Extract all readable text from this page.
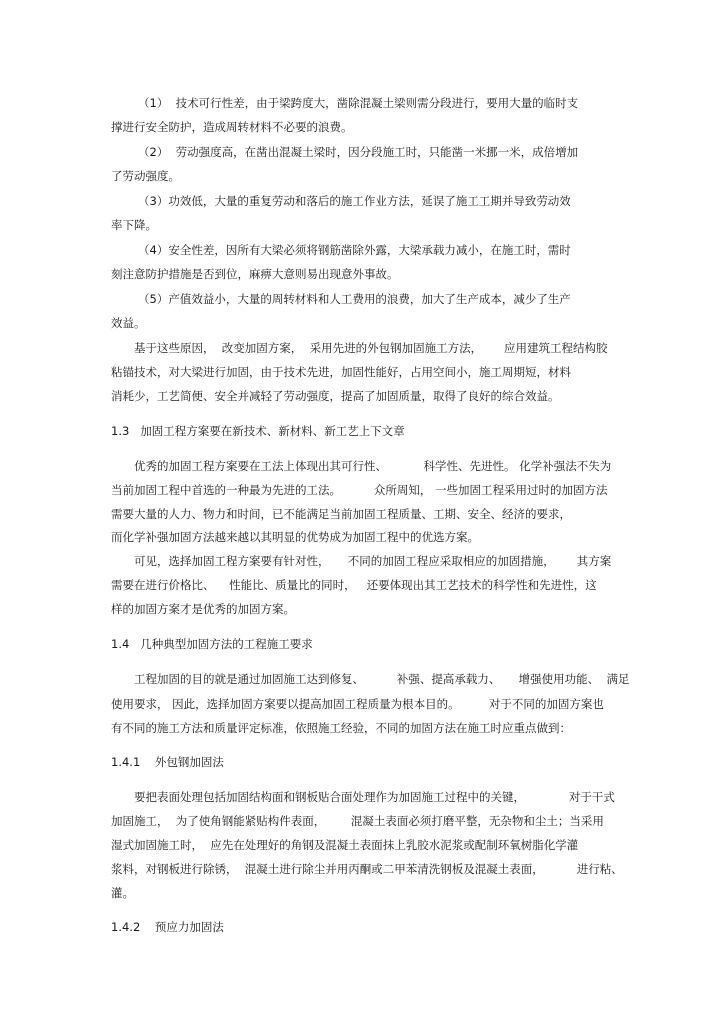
（1）  技术可行性差，由于梁跨度大，凿除混凝土梁则需分段进行，要用大量的临时支

撑进行安全防护，造成周转材料不必要的浪费。

（2）  劳动强度高，在凿出混凝土梁时，因分段施工时，只能凿一米挪一米，成倍增加

了劳动强度。

（3）功效低，大量的重复劳动和落后的施工作业方法，延误了施工工期并导致劳动效

率下降。

（4）安全性差，因所有大梁必须将钢筋凿除外露，大梁承载力减小，在施工时，需时

刻注意防护措施是否到位，麻痹大意则易出现意外事故。

（5）产值效益小，大量的周转材料和人工费用的浪费，加大了生产成本，减少了生产

效益。

基于这些原因，  改变加固方案，  采用先进的外包钢加固施工方法，      应用建筑工程结构胶

粘锚技术，对大梁进行加固，由于技术先进，加固性能好，占用空间小，施工周期短，材料

消耗少，工艺简便、安全并减轻了劳动强度，提高了加固质量，取得了良好的综合效益。

1.3   加固工程方案要在新技术、新材料、新工艺上下文章

优秀的加固工程方案要在工法上体现出其可行性、          科学性、先进性。 化学补强法不失为

当前加固工程中首选的一种最为先进的工法。         众所周知， 一些加固工程采用过时的加固方法

需要大量的人力、物力和时间，已不能满足当前加固工程质量、工期、安全、经济的要求，

而化学补强加固方法越来越以其明显的优势成为加固工程中的优选方案。

可见，选择加固工程方案要有针对性，     不同的加固工程应采取相应的加固措施，      其方案

需要在进行价格比、    性能比、质量比的同时，   还要体现出其工艺技术的科学性和先进性，这

样的加固方案才是优秀的加固方案。

1.4   几种典型加固方法的工程施工要求

工程加固的目的就是通过加固施工达到修复、         补强、提高承载力、     增强使用功能、  满足

使用要求， 因此，选择加固方案要以提高加固工程质量为根本目的。        对于不同的加固方案也

有不同的施工方法和质量评定标准，依照施工经验，不同的加固方法在施工时应重点做到：

1.4.1    外包钢加固法

要把表面处理包括加固结构面和钢板贴合面处理作为加固施工过程中的关键，            对于干式

加固施工，  为了使角钢能紧贴构件表面，       混凝土表面必须打磨平整，无杂物和尘土；当采用

湿式加固施工时，  应先在处理好的角钢及混凝土表面抹上乳胶水泥浆或配制环氧树脂化学灌

浆料，对钢板进行除锈，  混凝土进行除尘并用丙酮或二甲苯清洗钢板及混凝土表面，         进行粘、

灌。

1.4.2    预应力加固法
